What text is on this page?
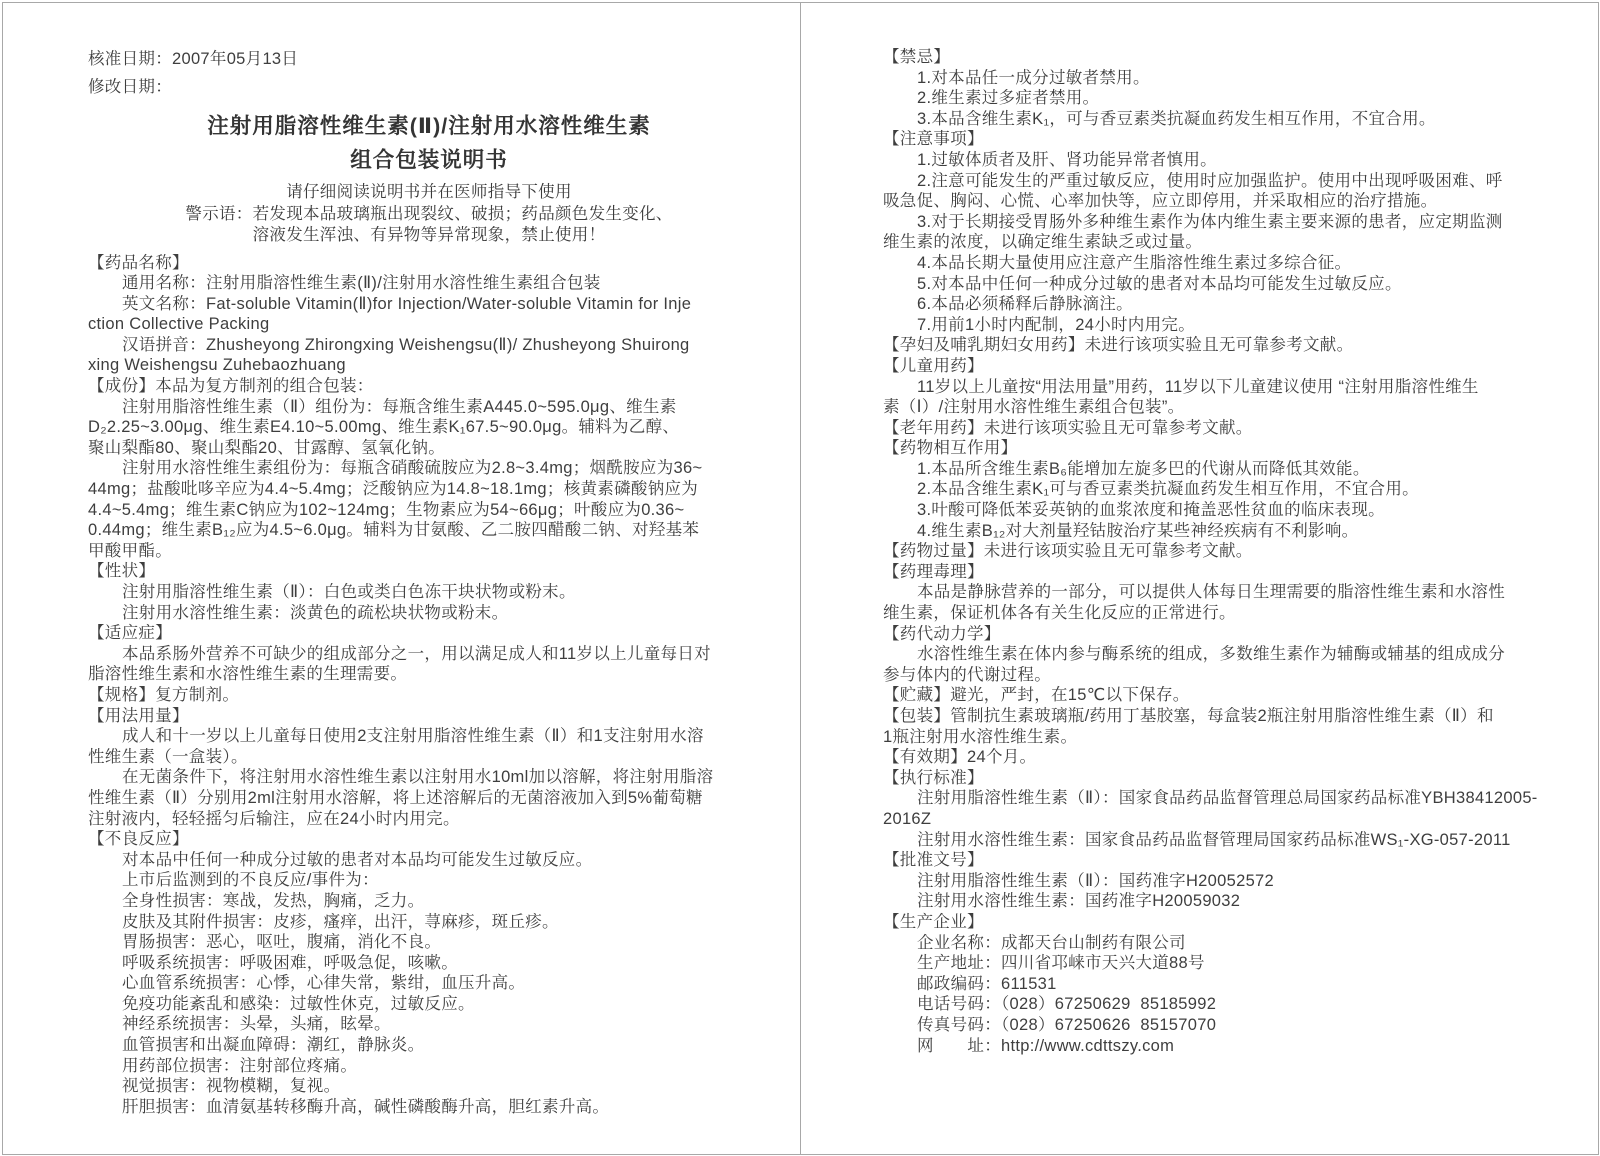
核准日期：2007年05月13日
修改日期：
注射用脂溶性维生素(Ⅱ)/注射用水溶性维生素
组合包装说明书
请仔细阅读说明书并在医师指导下使用
警示语：若发现本品玻璃瓶出现裂纹、破损；药品颜色发生变化、
溶液发生浑浊、有异物等异常现象，禁止使用！
【药品名称】
通用名称：注射用脂溶性维生素(Ⅱ)/注射用水溶性维生素组合包装
英文名称：Fat-soluble Vitamin(Ⅱ)for Injection/Water-soluble Vitamin for Inje
ction Collective Packing
汉语拼音：Zhusheyong Zhirongxing Weishengsu(Ⅱ)/ Zhusheyong Shuirong
xing Weishengsu Zuhebaozhuang
【成份】本品为复方制剂的组合包装：
注射用脂溶性维生素（Ⅱ）组份为：每瓶含维生素A445.0~595.0μg、维生素
D₂2.25~3.00μg、维生素E4.10~5.00mg、维生素K₁67.5~90.0μg。辅料为乙醇、
聚山梨酯80、聚山梨酯20、甘露醇、氢氧化钠。
注射用水溶性维生素组份为：每瓶含硝酸硫胺应为2.8~3.4mg；烟酰胺应为36~
44mg；盐酸吡哆辛应为4.4~5.4mg；泛酸钠应为14.8~18.1mg；核黄素磷酸钠应为
4.4~5.4mg；维生素C钠应为102~124mg；生物素应为54~66μg；叶酸应为0.36~
0.44mg；维生素B₁₂应为4.5~6.0μg。辅料为甘氨酸、乙二胺四醋酸二钠、对羟基苯
甲酸甲酯。
【性状】
注射用脂溶性维生素（Ⅱ）：白色或类白色冻干块状物或粉末。
注射用水溶性维生素：淡黄色的疏松块状物或粉末。
【适应症】
本品系肠外营养不可缺少的组成部分之一，用以满足成人和11岁以上儿童每日对
脂溶性维生素和水溶性维生素的生理需要。
【规格】复方制剂。
【用法用量】
成人和十一岁以上儿童每日使用2支注射用脂溶性维生素（Ⅱ）和1支注射用水溶
性维生素（一盒装）。
在无菌条件下，将注射用水溶性维生素以注射用水10ml加以溶解，将注射用脂溶
性维生素（Ⅱ）分别用2ml注射用水溶解，将上述溶解后的无菌溶液加入到5%葡萄糖
注射液内，轻轻摇匀后输注，应在24小时内用完。
【不良反应】
对本品中任何一种成分过敏的患者对本品均可能发生过敏反应。
上市后监测到的不良反应/事件为：
全身性损害：寒战，发热，胸痛，乏力。
皮肤及其附件损害：皮疹，瘙痒，出汗，荨麻疹，斑丘疹。
胃肠损害：恶心，呕吐，腹痛，消化不良。
呼吸系统损害：呼吸困难，呼吸急促，咳嗽。
心血管系统损害：心悸，心律失常，紫绀，血压升高。
免疫功能紊乱和感染：过敏性休克，过敏反应。
神经系统损害：头晕，头痛，眩晕。
血管损害和出凝血障碍：潮红，静脉炎。
用药部位损害：注射部位疼痛。
视觉损害：视物模糊，复视。
肝胆损害：血清氨基转移酶升高，碱性磷酸酶升高，胆红素升高。
【禁忌】
1.对本品任一成分过敏者禁用。
2.维生素过多症者禁用。
3.本品含维生素K₁，可与香豆素类抗凝血药发生相互作用，不宜合用。
【注意事项】
1.过敏体质者及肝、肾功能异常者慎用。
2.注意可能发生的严重过敏反应，使用时应加强监护。使用中出现呼吸困难、呼
吸急促、胸闷、心慌、心率加快等，应立即停用，并采取相应的治疗措施。
3.对于长期接受胃肠外多种维生素作为体内维生素主要来源的患者，应定期监测
维生素的浓度，以确定维生素缺乏或过量。
4.本品长期大量使用应注意产生脂溶性维生素过多综合征。
5.对本品中任何一种成分过敏的患者对本品均可能发生过敏反应。
6.本品必须稀释后静脉滴注。
7.用前1小时内配制，24小时内用完。
【孕妇及哺乳期妇女用药】未进行该项实验且无可靠参考文献。
【儿童用药】
11岁以上儿童按“用法用量”用药，11岁以下儿童建议使用 “注射用脂溶性维生
素（Ⅰ）/注射用水溶性维生素组合包装”。
【老年用药】未进行该项实验且无可靠参考文献。
【药物相互作用】
1.本品所含维生素B₆能增加左旋多巴的代谢从而降低其效能。
2.本品含维生素K₁可与香豆素类抗凝血药发生相互作用，不宜合用。
3.叶酸可降低苯妥英钠的血浆浓度和掩盖恶性贫血的临床表现。
4.维生素B₁₂对大剂量羟钴胺治疗某些神经疾病有不利影响。
【药物过量】未进行该项实验且无可靠参考文献。
【药理毒理】
本品是静脉营养的一部分，可以提供人体每日生理需要的脂溶性维生素和水溶性
维生素，保证机体各有关生化反应的正常进行。
【药代动力学】
水溶性维生素在体内参与酶系统的组成，多数维生素作为辅酶或辅基的组成成分
参与体内的代谢过程。
【贮藏】避光，严封，在15℃以下保存。
【包装】管制抗生素玻璃瓶/药用丁基胶塞，每盒装2瓶注射用脂溶性维生素（Ⅱ）和
1瓶注射用水溶性维生素。
【有效期】24个月。
【执行标准】
注射用脂溶性维生素（Ⅱ）：国家食品药品监督管理总局国家药品标准YBH38412005-
2016Z
注射用水溶性维生素：国家食品药品监督管理局国家药品标准WS₁-XG-057-2011
【批准文号】
注射用脂溶性维生素（Ⅱ）：国药准字H20052572
注射用水溶性维生素：国药准字H20059032
【生产企业】
企业名称：成都天台山制药有限公司
生产地址：四川省邛崃市天兴大道88号
邮政编码：611531
电话号码：（028）67250629  85185992
传真号码：（028）67250626  85157070
网　　址：http://www.cdttszy.com
